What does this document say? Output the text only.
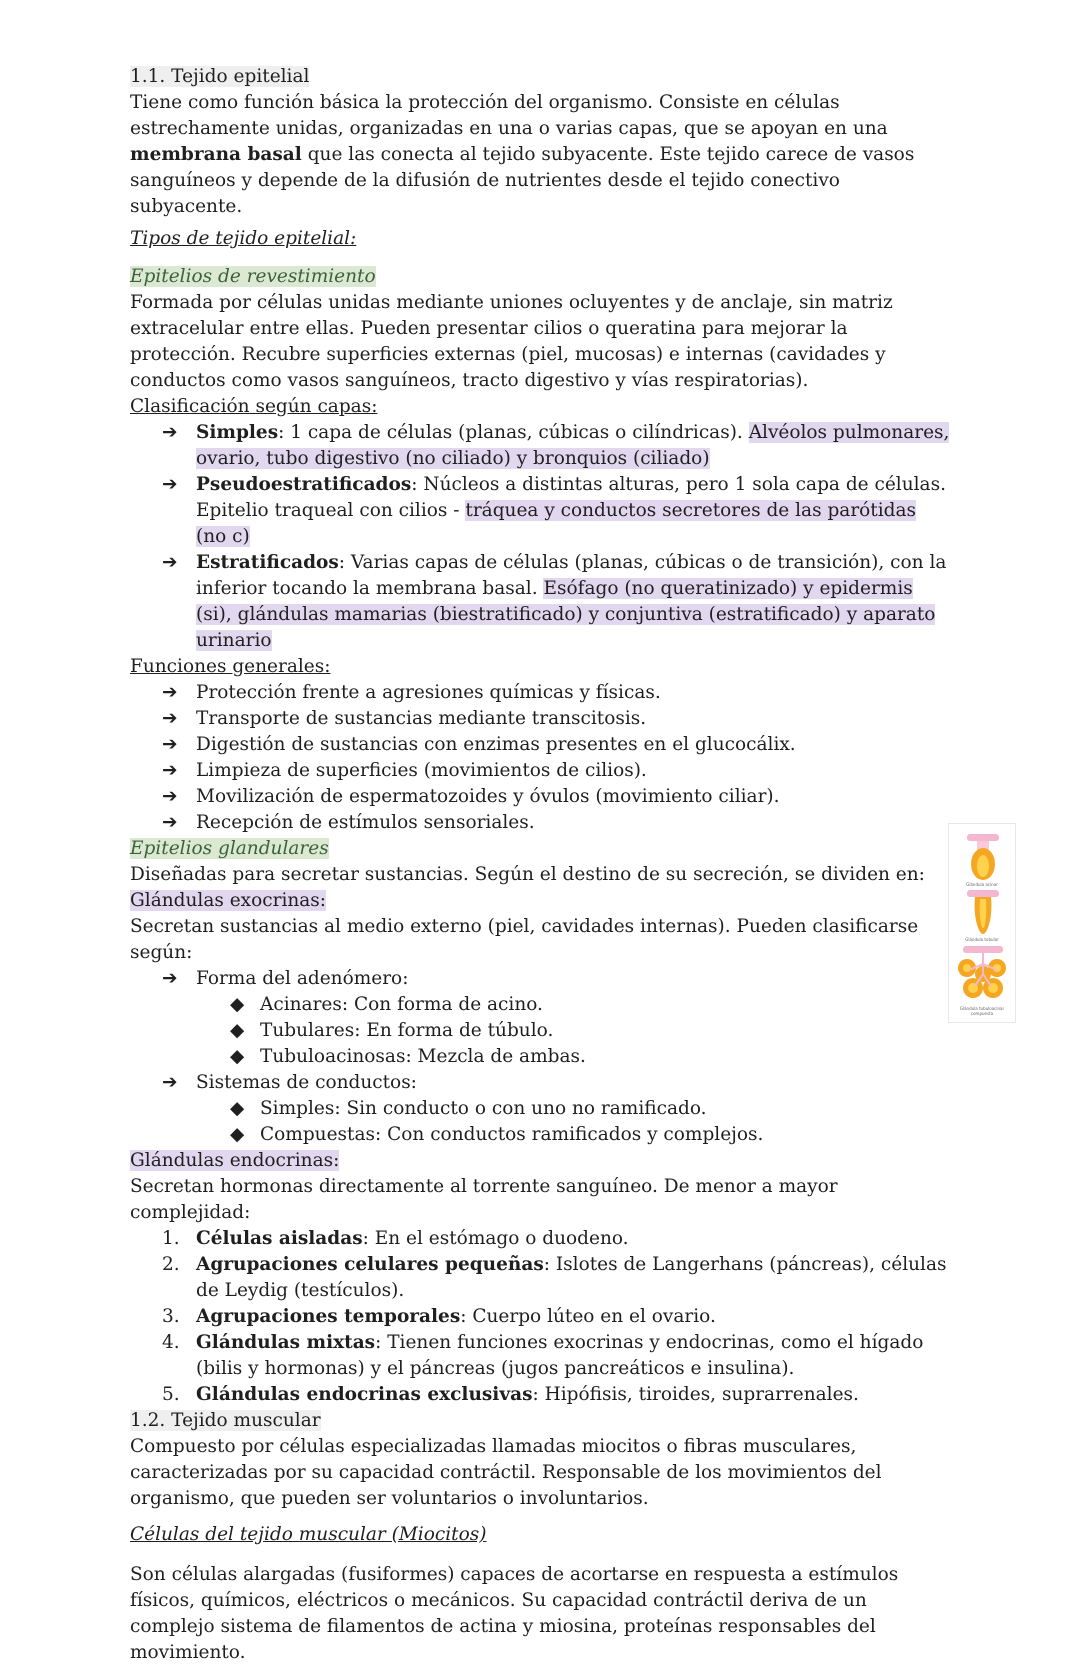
1.1. Tejido epitelial

Tiene como función básica la protección del organismo. Consiste en células estrechamente unidas, organizadas en una o varias capas, que se apoyan en una membrana basal que las conecta al tejido subyacente. Este tejido carece de vasos sanguíneos y depende de la difusión de nutrientes desde el tejido conectivo subyacente.

Tipos de tejido epitelial:

Epitelios de revestimiento

Formada por células unidas mediante uniones ocluyentes y de anclaje, sin matriz extracelular entre ellas. Pueden presentar cilios o queratina para mejorar la protección. Recubre superficies externas (piel, mucosas) e internas (cavidades y conductos como vasos sanguíneos, tracto digestivo y vías respiratorias).

Clasificación según capas:

➔ Simples: 1 capa de células (planas, cúbicas o cilíndricas). Alvéolos pulmonares, ovario, tubo digestivo (no ciliado) y bronquios (ciliado)
➔ Pseudoestratificados: Núcleos a distintas alturas, pero 1 sola capa de células. Epitelio traqueal con cilios - tráquea y conductos secretores de las parótidas (no c)
➔ Estratificados: Varias capas de células (planas, cúbicas o de transición), con la inferior tocando la membrana basal. Esófago (no queratinizado) y epidermis (si), glándulas mamarias (biestratificado) y conjuntiva (estratificado) y aparato urinario

Funciones generales:

➔ Protección frente a agresiones químicas y físicas.
➔ Transporte de sustancias mediante transcitosis.
➔ Digestión de sustancias con enzimas presentes en el glucocálix.
➔ Limpieza de superficies (movimientos de cilios).
➔ Movilización de espermatozoides y óvulos (movimiento ciliar).
➔ Recepción de estímulos sensoriales.

Epitelios glandulares

Diseñadas para secretar sustancias. Según el destino de su secreción, se dividen en:

Glándulas exocrinas:

Secretan sustancias al medio externo (piel, cavidades internas). Pueden clasificarse según:

➔ Forma del adenómero:
◆ Acinares: Con forma de acino.
◆ Tubulares: En forma de túbulo.
◆ Tubuloacinosas: Mezcla de ambas.
➔ Sistemas de conductos:
◆ Simples: Sin conducto o con uno no ramificado.
◆ Compuestas: Con conductos ramificados y complejos.

Glándulas endocrinas:

Secretan hormonas directamente al torrente sanguíneo. De menor a mayor complejidad:

1. Células aisladas: En el estómago o duodeno.
2. Agrupaciones celulares pequeñas: Islotes de Langerhans (páncreas), células de Leydig (testículos).
3. Agrupaciones temporales: Cuerpo lúteo en el ovario.
4. Glándulas mixtas: Tienen funciones exocrinas y endocrinas, como el hígado (bilis y hormonas) y el páncreas (jugos pancreáticos e insulina).
5. Glándulas endocrinas exclusivas: Hipófisis, tiroides, suprarrenales.

1.2. Tejido muscular

Compuesto por células especializadas llamadas miocitos o fibras musculares, caracterizadas por su capacidad contráctil. Responsable de los movimientos del organismo, que pueden ser voluntarios o involuntarios.

Células del tejido muscular (Miocitos)

Son células alargadas (fusiformes) capaces de acortarse en respuesta a estímulos físicos, químicos, eléctricos o mecánicos. Su capacidad contráctil deriva de un complejo sistema de filamentos de actina y miosina, proteínas responsables del movimiento.

Glándula acinar
Glándula tubular
Glándula tubuloacinar compuesta
